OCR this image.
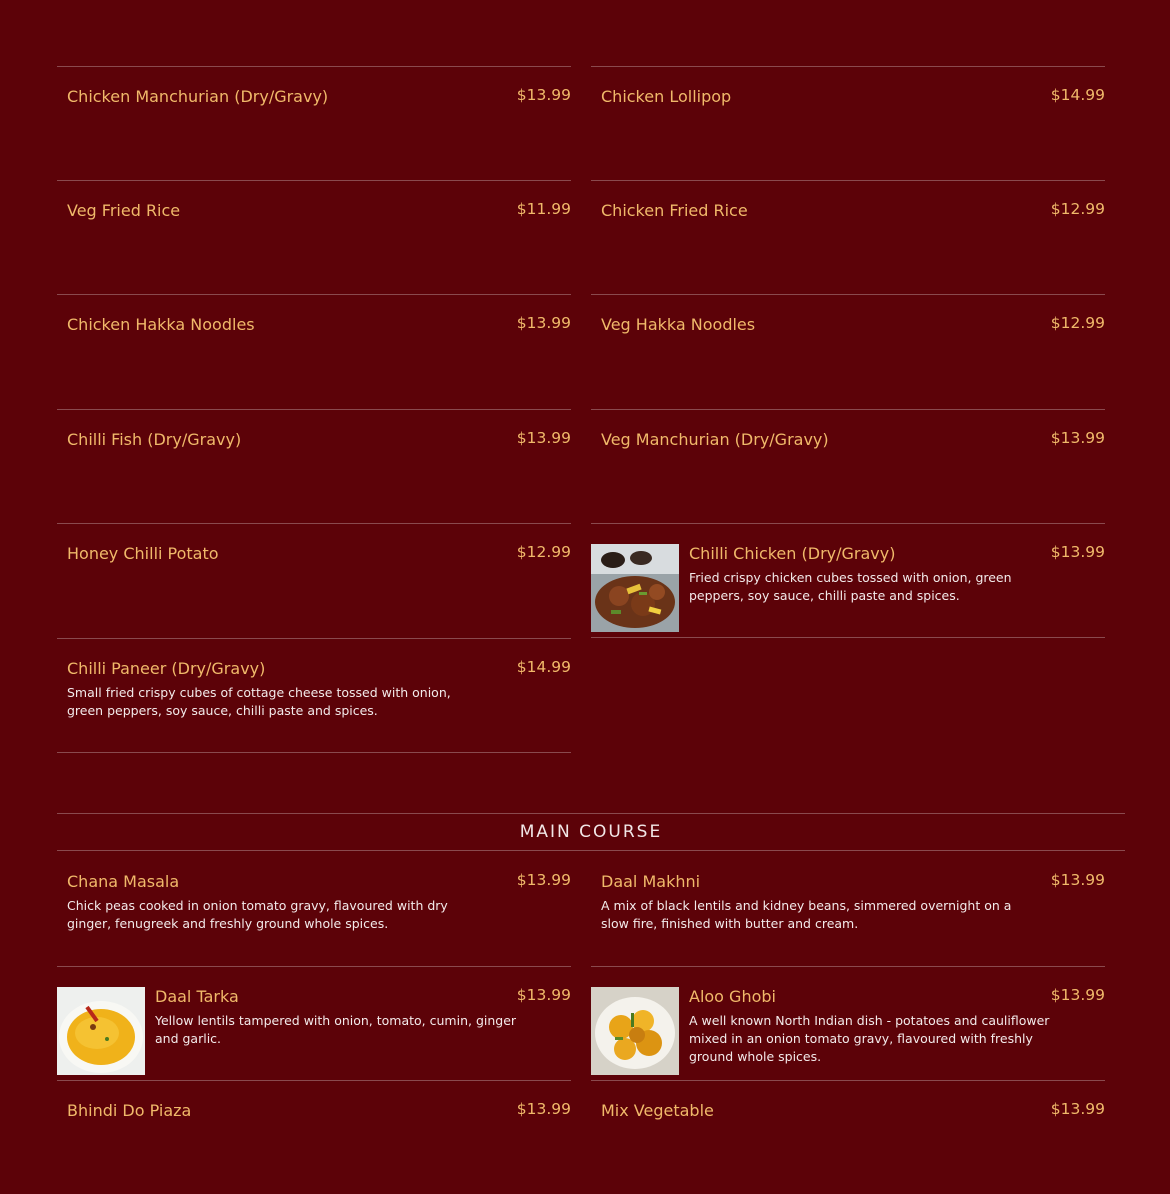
Chicken Manchurian (Dry/Gravy)	$13.99 Chicken Lollipop	$14.99
Veg Fried Rice	$11.99 Chicken Fried Rice	$12.99
Chicken Hakka Noodles	$13.99 Veg Hakka Noodles	$12.99
Chilli Fish (Dry/Gravy)	$13.99 Veg Manchurian (Dry/Gravy)	$13.99
Honey Chilli Potato	$12.99	Chilli Chicken (Dry/Gravy)	$13.99
Fried crispy chicken cubes tossed with onion, green peppers, soy sauce, chilli paste and spices.
Chilli Paneer (Dry/Gravy)	$14.99
Small fried crispy cubes of cottage cheese tossed with onion, green peppers, soy sauce, chilli paste and spices.
MAIN COURSE
Chana Masala	$13.99
Chick peas cooked in onion tomato gravy, flavoured with dry ginger, fenugreek and freshly ground whole spices.
Daal Makhni	$13.99
A mix of black lentils and kidney beans, simmered overnight on a slow fire, finished with butter and cream.
Daal Tarka	$13.99
Yellow lentils tampered with onion, tomato, cumin, ginger and garlic.
Aloo Ghobi	$13.99
A well known North Indian dish - potatoes and cauliflower mixed in an onion tomato gravy, flavoured with freshly ground whole spices.
Bhindi Do Piaza	$13.99 Mix Vegetable	$13.99
